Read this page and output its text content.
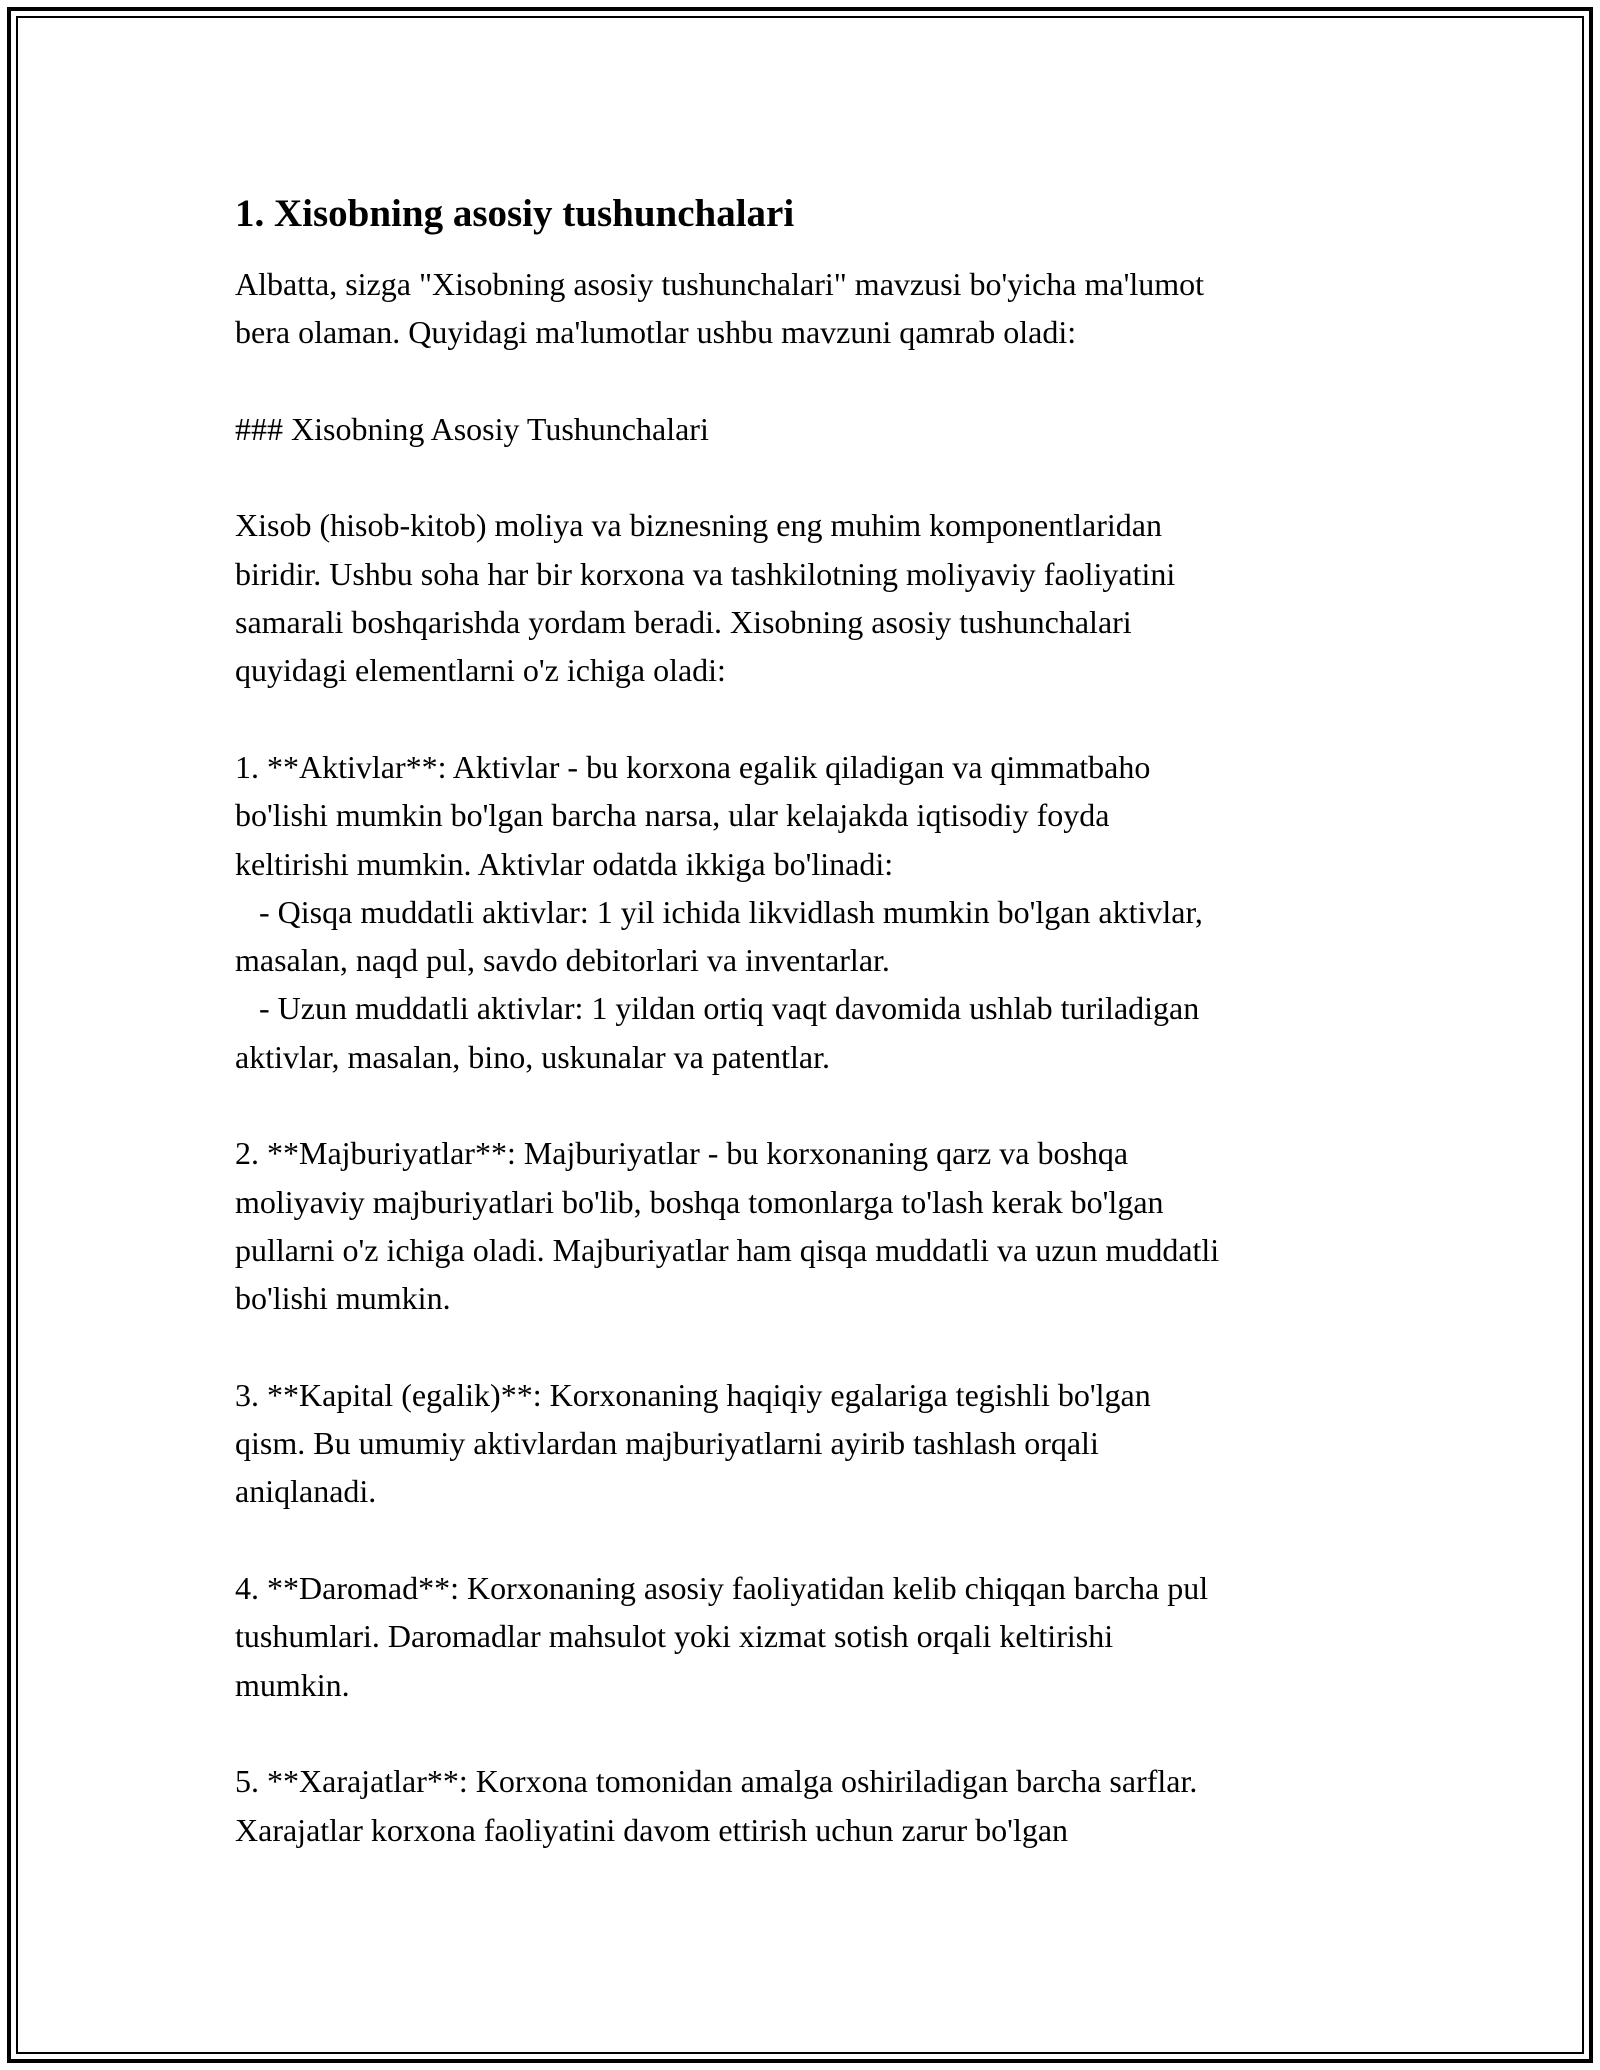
1. Xisobning asosiy tushunchalari
Albatta, sizga "Xisobning asosiy tushunchalari" mavzusi bo'yicha ma'lumot
bera olaman. Quyidagi ma'lumotlar ushbu mavzuni qamrab oladi:
### Xisobning Asosiy Tushunchalari
Xisob (hisob-kitob) moliya va biznesning eng muhim komponentlaridan
biridir. Ushbu soha har bir korxona va tashkilotning moliyaviy faoliyatini
samarali boshqarishda yordam beradi. Xisobning asosiy tushunchalari
quyidagi elementlarni o'z ichiga oladi:
1. **Aktivlar**: Aktivlar - bu korxona egalik qiladigan va qimmatbaho
bo'lishi mumkin bo'lgan barcha narsa, ular kelajakda iqtisodiy foyda
keltirishi mumkin. Aktivlar odatda ikkiga bo'linadi:
- Qisqa muddatli aktivlar: 1 yil ichida likvidlash mumkin bo'lgan aktivlar,
masalan, naqd pul, savdo debitorlari va inventarlar.
- Uzun muddatli aktivlar: 1 yildan ortiq vaqt davomida ushlab turiladigan
aktivlar, masalan, bino, uskunalar va patentlar.
2. **Majburiyatlar**: Majburiyatlar - bu korxonaning qarz va boshqa
moliyaviy majburiyatlari bo'lib, boshqa tomonlarga to'lash kerak bo'lgan
pullarni o'z ichiga oladi. Majburiyatlar ham qisqa muddatli va uzun muddatli
bo'lishi mumkin.
3. **Kapital (egalik)**: Korxonaning haqiqiy egalariga tegishli bo'lgan
qism. Bu umumiy aktivlardan majburiyatlarni ayirib tashlash orqali
aniqlanadi.
4. **Daromad**: Korxonaning asosiy faoliyatidan kelib chiqqan barcha pul
tushumlari. Daromadlar mahsulot yoki xizmat sotish orqali keltirishi
mumkin.
5. **Xarajatlar**: Korxona tomonidan amalga oshiriladigan barcha sarflar.
Xarajatlar korxona faoliyatini davom ettirish uchun zarur bo'lgan
